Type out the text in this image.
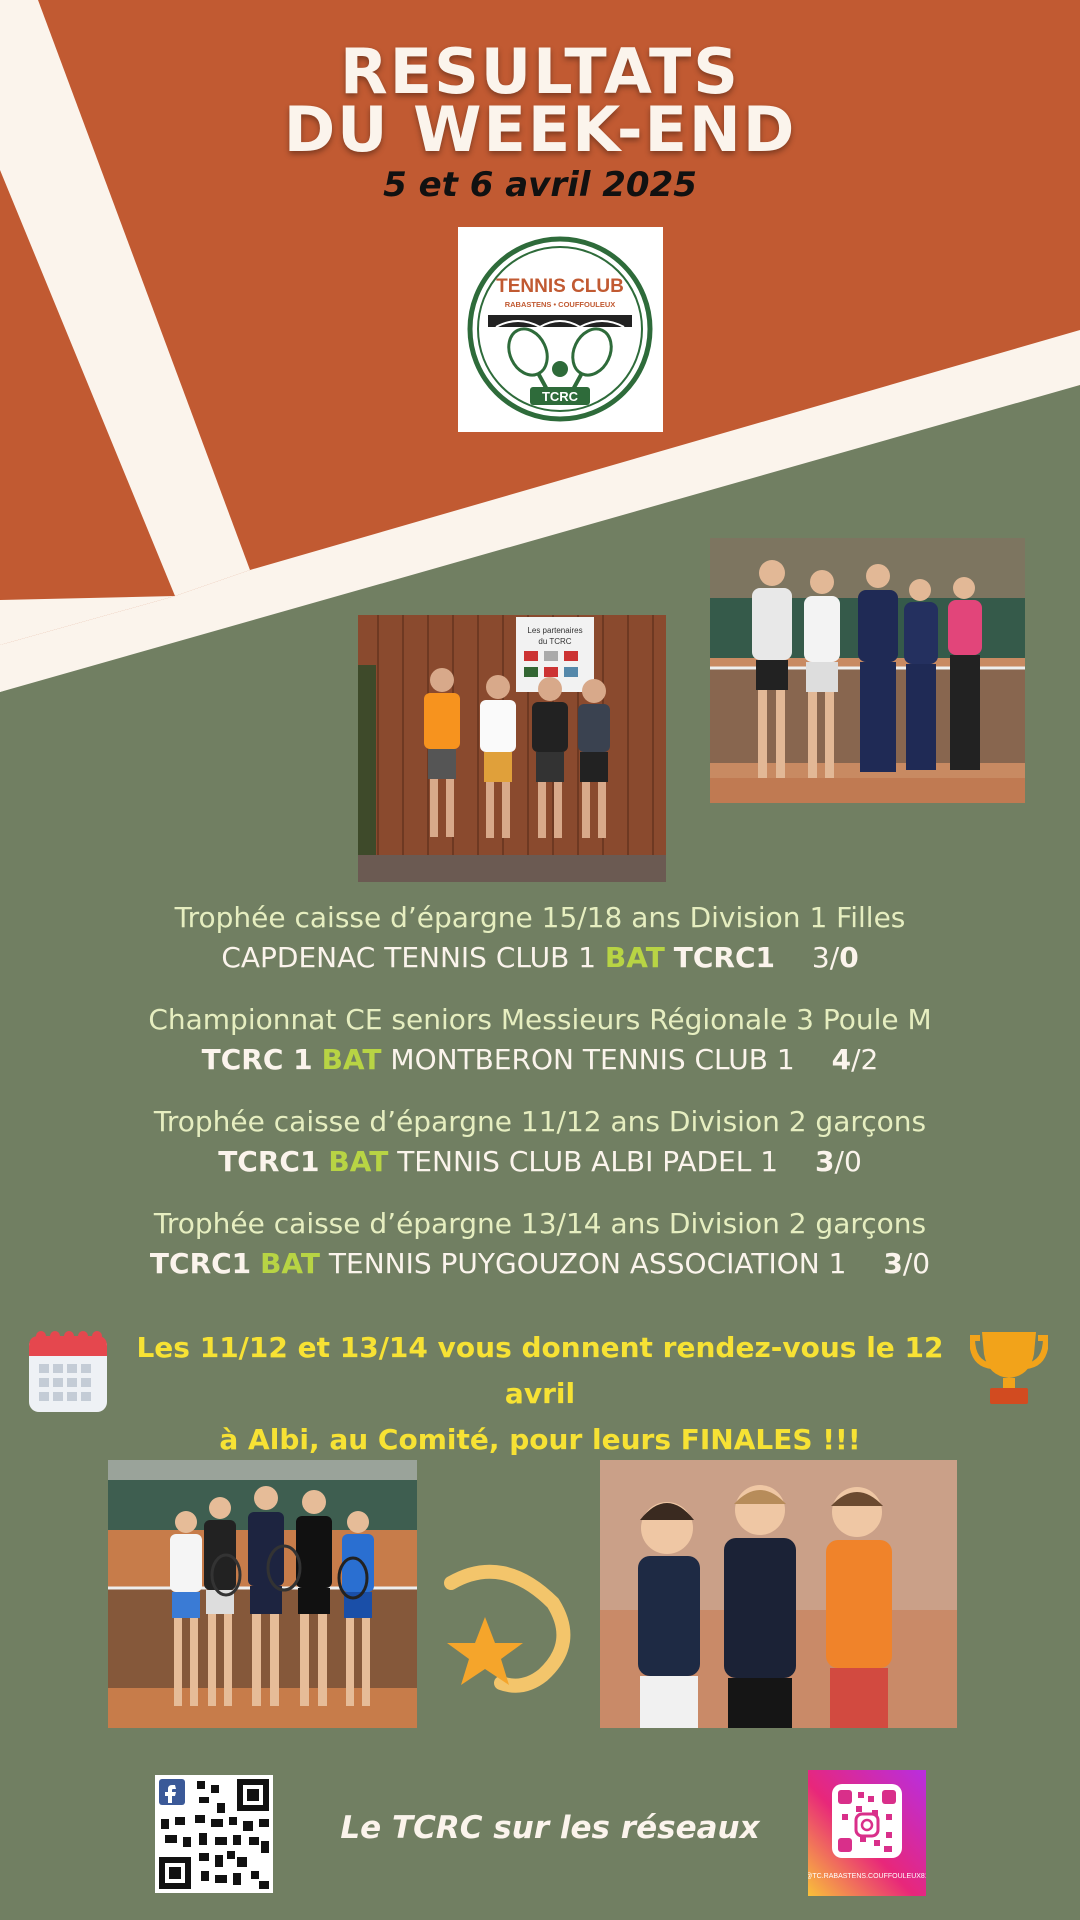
RESULTATS
DU WEEK-END
5 et 6 avril 2025
TENNIS CLUB
RABASTENS • COUFFOULEUX
TCRC
Les partenaires
du TCRC
Trophée caisse d’épargne 15/18 ans Division 1 Filles
CAPDENAC TENNIS CLUB 1 BAT TCRC1 3/0
Championnat CE seniors Messieurs Régionale 3 Poule M
TCRC 1 BAT MONTBERON TENNIS CLUB 1 4/2
Trophée caisse d’épargne 11/12 ans Division 2 garçons
TCRC1 BAT TENNIS CLUB ALBI PADEL 1 3/0
Trophée caisse d’épargne 13/14 ans Division 2 garçons
TCRC1 BAT TENNIS PUYGOUZON ASSOCIATION 1 3/0
Les 11/12 et 13/14 vous donnent rendez-vous le 12 avril
à Albi, au Comité, pour leurs FINALES !!!
Le TCRC sur les réseaux
@TC.RABASTENS.COUFFOULEUX81
